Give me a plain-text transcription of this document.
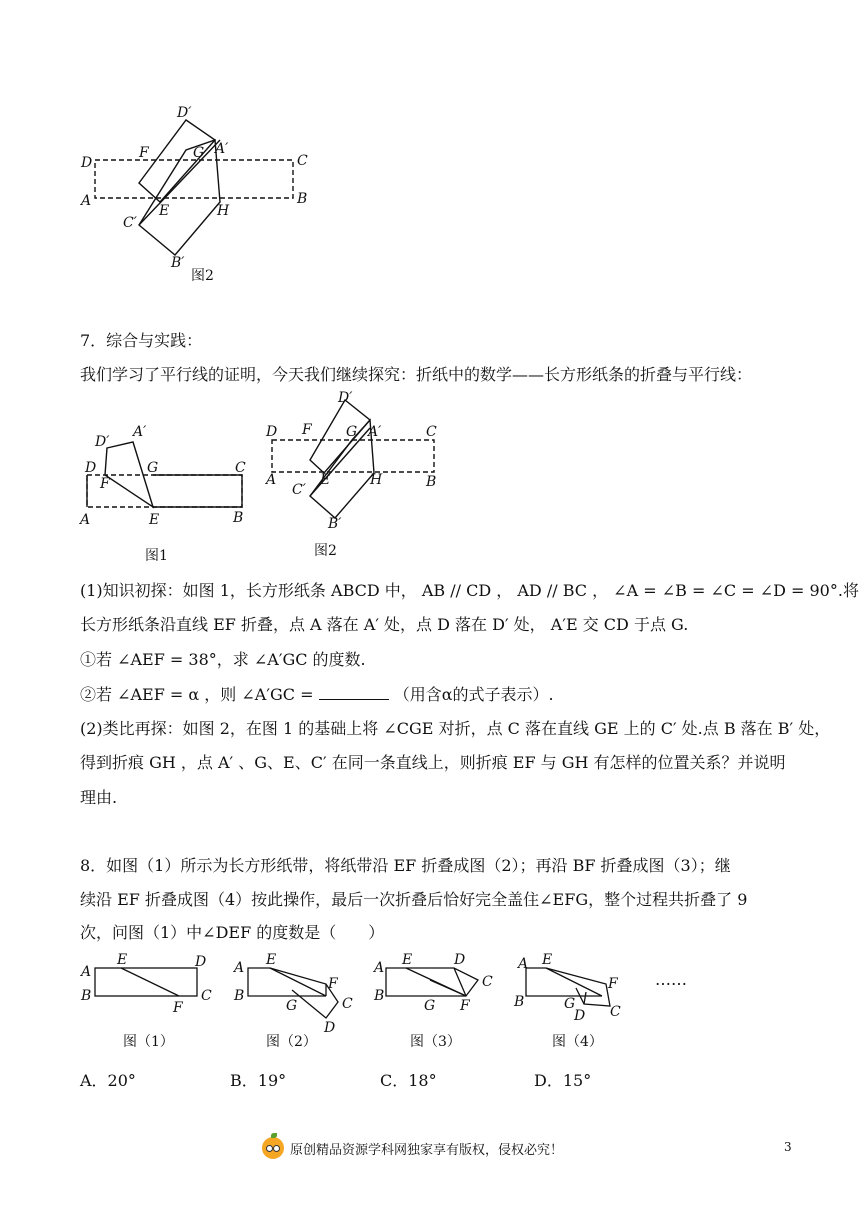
D′
F	G A′
D	C
A
E	H
B
C′
B′
图2
7．综合与实践：
我们学习了平行线的证明，今天我们继续探究：折纸中的数学——长方形纸条的折叠与平行线：
D′
A′
D	G	C
F
A	E	B
图1
D′
D F G A′	C
A	E	H	B
C′
B′
图2
(1)知识初探：如图 1，长方形纸条 ABCD 中， AB // CD ， AD // BC ， ∠A = ∠B = ∠C = ∠D = 90°.将
长方形纸条沿直线 EF 折叠，点 A 落在 A′ 处，点 D 落在 D′ 处， A′E 交 CD 于点 G.
①若 ∠AEF = 38°，求 ∠A′GC 的度数.
②若 ∠AEF = α ，则 ∠A′GC =	（用含α的式子表示）.
(2)类比再探：如图 2，在图 1 的基础上将 ∠CGE 对折，点 C 落在直线 GE 上的 C′ 处.点 B 落在 B′ 处，
得到折痕 GH ，点 A′ 、G、E、C′ 在同一条直线上，则折痕 EF 与 GH 有怎样的位置关系？并说明
理由.
8．如图（1）所示为长方形纸带，将纸带沿 EF 折叠成图（2）；再沿 BF 折叠成图（3）；继
续沿 EF 折叠成图（4）按此操作，最后一次折叠后恰好完全盖住∠EFG，整个过程共折叠了 9
次，问图（1）中∠DEF 的度数是（　　）
A
E	D
B
F
C
图（1）
A E
B
G
F
C
D
图（2）
A E	D
C
B
G F
图（3）
A E
F
B	G
D C
图（4）
……
A．20°	B．19°	C．18°	D．15°
3
原创精品资源学科网独家享有版权，侵权必究！
